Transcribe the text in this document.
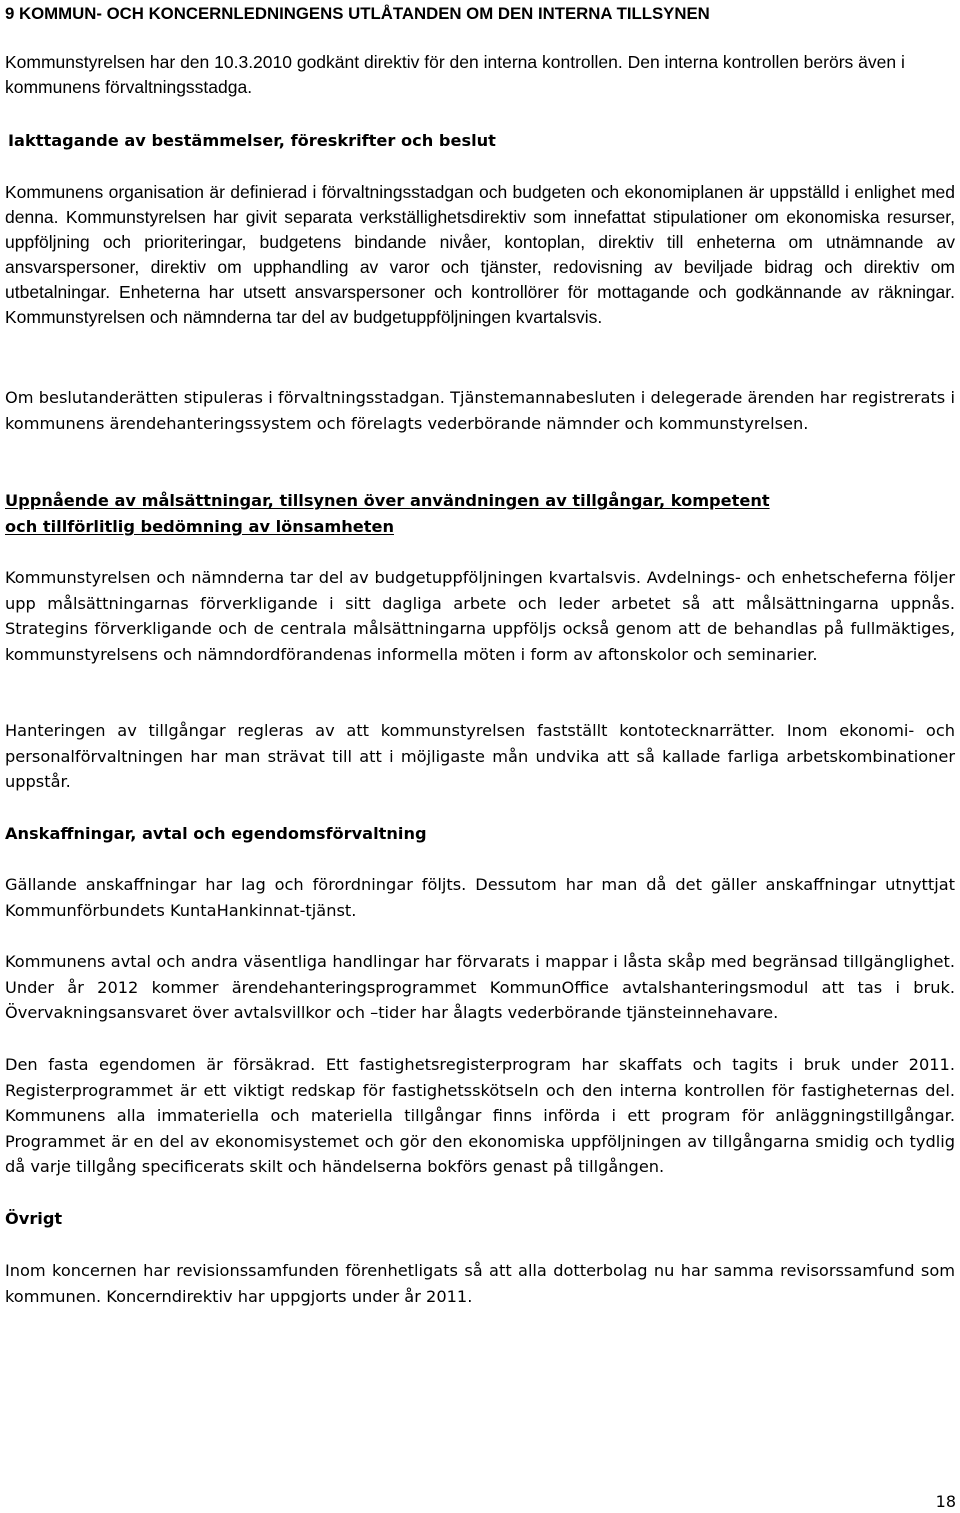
9 KOMMUN- OCH KONCERNLEDNINGENS UTLÅTANDEN OM DEN INTERNA TILLSYNEN
Kommunstyrelsen har den 10.3.2010 godkänt direktiv för den interna kontrollen. Den interna kontrollen berörs även i kommunens förvaltningsstadga.
Iakttagande av bestämmelser, föreskrifter och beslut
Kommunens organisation är definierad i förvaltningsstadgan och budgeten och ekonomiplanen är uppställd i enlighet med denna. Kommunstyrelsen har givit separata verkställighetsdirektiv som innefattat stipulationer om ekonomiska resurser, uppföljning och prioriteringar, budgetens bindande nivåer, kontoplan, direktiv till enheterna om utnämnande av ansvarspersoner, direktiv om upphandling av varor och tjänster, redovisning av beviljade bidrag och direktiv om utbetalningar. Enheterna har utsett ansvarspersoner och kontrollörer för mottagande och godkännande av räkningar. Kommunstyrelsen och nämnderna tar del av budgetuppföljningen kvartalsvis.
Om beslutanderätten stipuleras i förvaltningsstadgan. Tjänstemannabesluten i delegerade ärenden har registrerats i kommunens ärendehanteringssystem och förelagts vederbörande nämnder och kommunstyrelsen.
Uppnående av målsättningar, tillsynen över användningen av tillgångar, kompetent och tillförlitlig bedömning av lönsamheten
Kommunstyrelsen och nämnderna tar del av budgetuppföljningen kvartalsvis. Avdelnings- och enhetscheferna följer upp målsättningarnas förverkligande i sitt dagliga arbete och leder arbetet så att målsättningarna uppnås. Strategins förverkligande och de centrala målsättningarna uppföljs också genom att de behandlas på fullmäktiges, kommunstyrelsens och nämndordförandenas informella möten i form av aftonskolor och seminarier.
Hanteringen av tillgångar regleras av att kommunstyrelsen fastställt kontotecknarrätter. Inom ekonomi- och personalförvaltningen har man strävat till att i möjligaste mån undvika att så kallade farliga arbetskombinationer uppstår.
Anskaffningar, avtal och egendomsförvaltning
Gällande anskaffningar har lag och förordningar följts. Dessutom har man då det gäller anskaffningar utnyttjat Kommunförbundets KuntaHankinnat-tjänst.
Kommunens avtal och andra väsentliga handlingar har förvarats i mappar i låsta skåp med begränsad tillgänglighet. Under år 2012 kommer ärendehanteringsprogrammet KommunOffice avtalshanteringsmodul att tas i bruk. Övervakningsansvaret över avtalsvillkor och –tider har ålagts vederbörande tjänsteinnehavare.
Den fasta egendomen är försäkrad. Ett fastighetsregisterprogram har skaffats och tagits i bruk under 2011. Registerprogrammet är ett viktigt redskap för fastighetsskötseln och den interna kontrollen för fastigheternas del. Kommunens alla immateriella och materiella tillgångar finns införda i ett program för anläggningstillgångar. Programmet är en del av ekonomisystemet och gör den ekonomiska uppföljningen av tillgångarna smidig och tydlig då varje tillgång specificerats skilt och händelserna bokförs genast på tillgången.
Övrigt
Inom koncernen har revisionssamfunden förenhetligats så att alla dotterbolag nu har samma revisorssamfund som kommunen. Koncerndirektiv har uppgjorts under år 2011.
18
